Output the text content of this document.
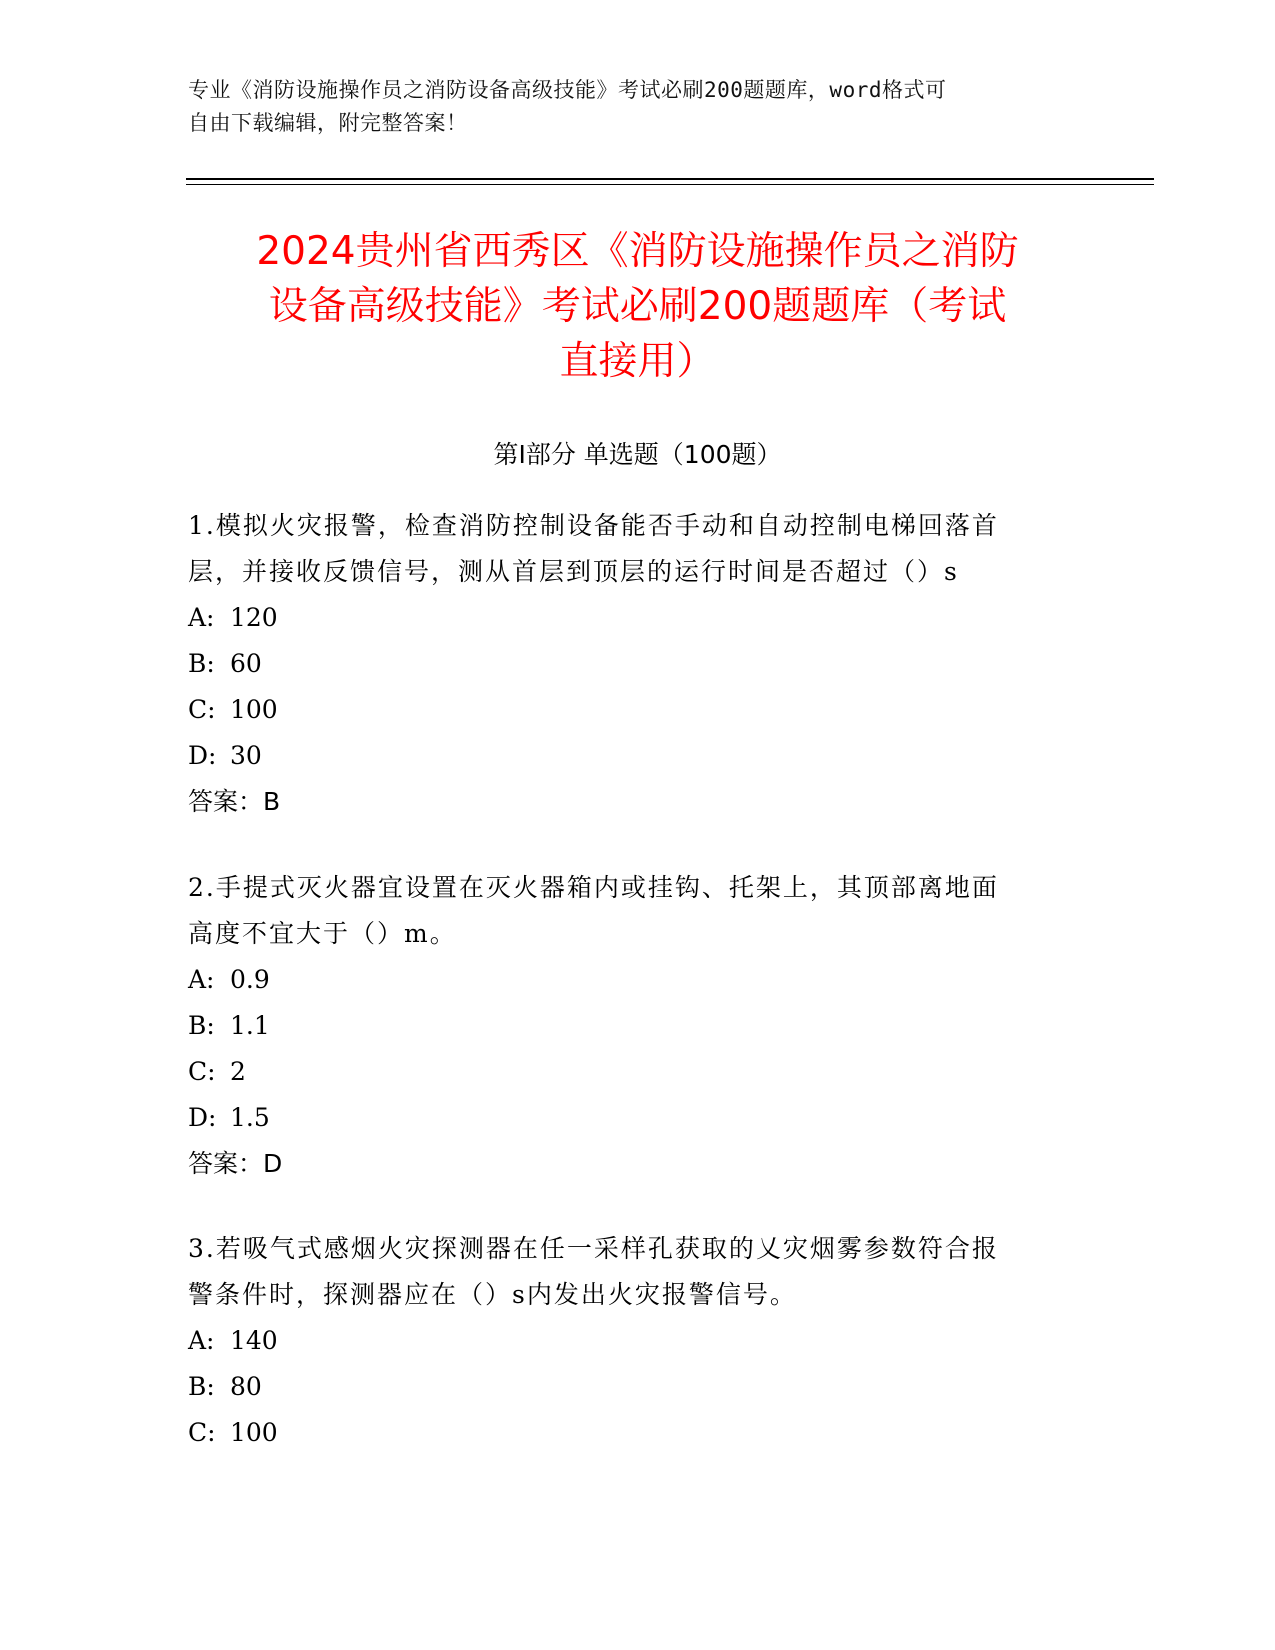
专业《消防设施操作员之消防设备高级技能》考试必刷200题题库，word格式可
自由下载编辑，附完整答案！
2024贵州省西秀区《消防设施操作员之消防
设备高级技能》考试必刷200题题库（考试
直接用）
第I部分 单选题（100题）

1.模拟火灾报警，检查消防控制设备能否手动和自动控制电梯回落首

层，并接收反馈信号，测从首层到顶层的运行时间是否超过（）s

A: 120

B: 60

C: 100

D: 30

答案：B

2.手提式灭火器宜设置在灭火器箱内或挂钩、托架上，其顶部离地面

高度不宜大于（）m。

A: 0.9

B: 1.1

C: 2

D: 1.5

答案：D

3.若吸气式感烟火灾探测器在任一采样孔获取的乂灾烟雾参数符合报

警条件时，探测器应在（）s内发出火灾报警信号。

A: 140

B: 80

C: 100
